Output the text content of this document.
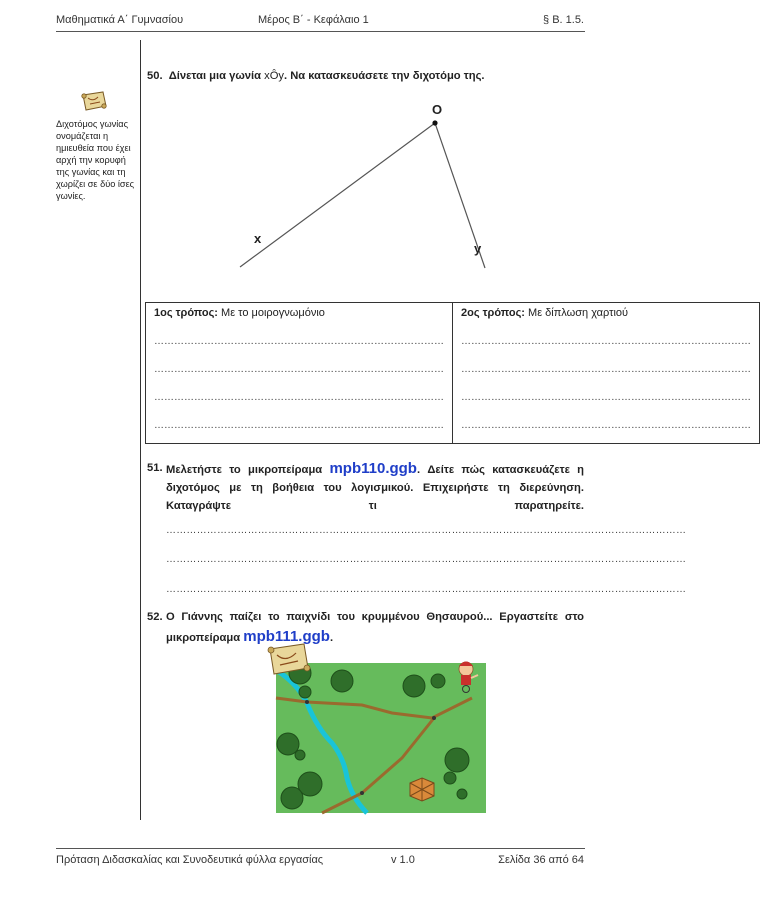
Μαθηματικά Α΄ Γυμνασίου	Μέρος Β΄ - Κεφάλαιο 1	§ Β. 1.5.
Διχοτόμος γωνίας ονομάζεται η ημιευθεία που έχει αρχή την κορυφή της γωνίας και τη χωρίζει σε δύο ίσες γωνίες.
50. Δίνεται μια γωνία xÔy. Να κατασκευάσετε την διχοτόμο της.
O
x
y
1ος τρόπος: Με το μοιρογνωμόνιο
……………………………………………………………………………
……………………………………………………………………………
……………………………………………………………………………
……………………………………………………………………………

2ος τρόπος: Με δίπλωση χαρτιού
……………………………………………………………………………
……………………………………………………………………………
……………………………………………………………………………
……………………………………………………………………………
51. Μελετήστε το μικροπείραμα mpb110.ggb. Δείτε πώς κατασκευάζετε η διχοτόμος με τη βοήθεια του λογισμικού. Επιχειρήστε τη διερεύνηση. Καταγράψτε τι παρατηρείτε.
………………………………………………………………………………………………………………………………………
………………………………………………………………………………………………………………………………………
………………………………………………………………………………………………………………………………………
52. Ο Γιάννης παίζει το παιχνίδι του κρυμμένου Θησαυρού... Εργαστείτε στο
μικροπείραμα mpb111.ggb.
Πρόταση Διδασκαλίας και Συνοδευτικά φύλλα εργασίας	v 1.0	Σελίδα 36 από 64
